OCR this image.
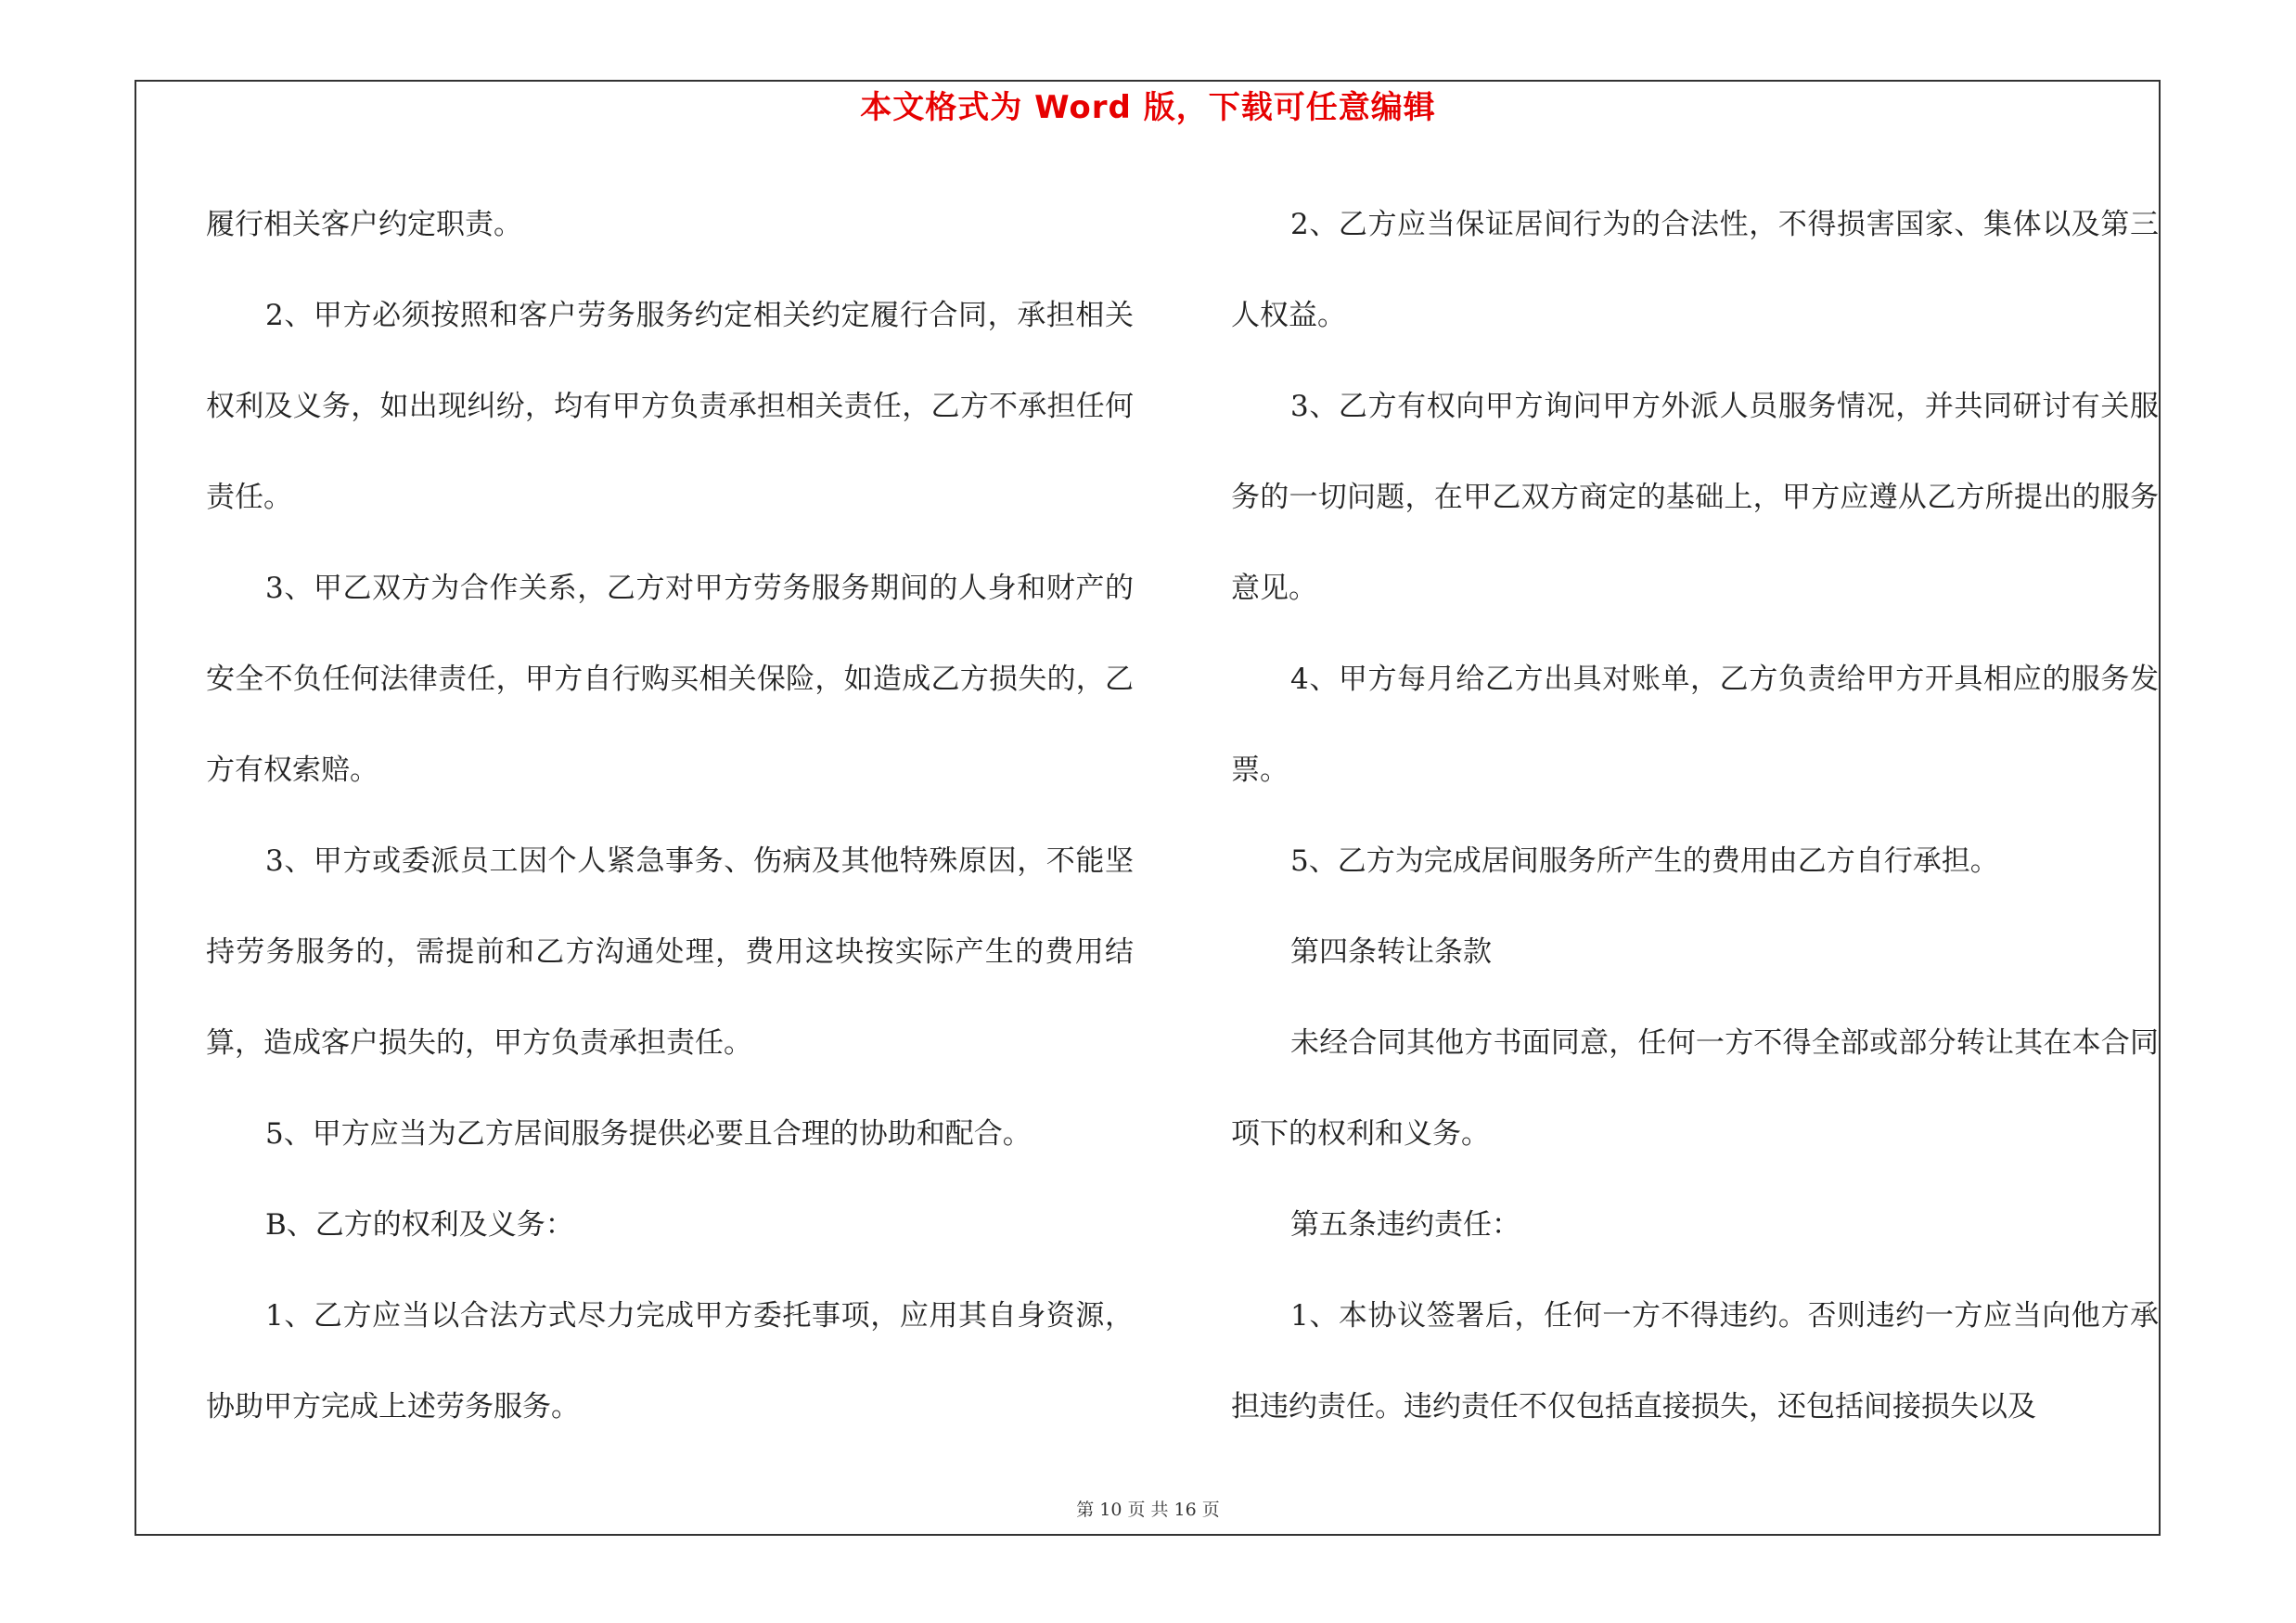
本文格式为 Word 版，下载可任意编辑

履行相关客户约定职责。

2、甲方必须按照和客户劳务服务约定相关约定履行合同，承担相关权利及义务，如出现纠纷，均有甲方负责承担相关责任，乙方不承担任何责任。

3、甲乙双方为合作关系，乙方对甲方劳务服务期间的人身和财产的安全不负任何法律责任，甲方自行购买相关保险，如造成乙方损失的，乙方有权索赔。

3、甲方或委派员工因个人紧急事务、伤病及其他特殊原因，不能坚持劳务服务的，需提前和乙方沟通处理，费用这块按实际产生的费用结算，造成客户损失的，甲方负责承担责任。

5、甲方应当为乙方居间服务提供必要且合理的协助和配合。

B、乙方的权利及义务：

1、乙方应当以合法方式尽力完成甲方委托事项，应用其自身资源，协助甲方完成上述劳务服务。

2、乙方应当保证居间行为的合法性，不得损害国家、集体以及第三人权益。

3、乙方有权向甲方询问甲方外派人员服务情况，并共同研讨有关服务的一切问题，在甲乙双方商定的基础上，甲方应遵从乙方所提出的服务意见。

4、甲方每月给乙方出具对账单，乙方负责给甲方开具相应的服务发票。

5、乙方为完成居间服务所产生的费用由乙方自行承担。

第四条转让条款

未经合同其他方书面同意，任何一方不得全部或部分转让其在本合同项下的权利和义务。

第五条违约责任：

1、本协议签署后，任何一方不得违约。否则违约一方应当向他方承担违约责任。违约责任不仅包括直接损失，还包括间接损失以及

第 10 页 共 16 页
